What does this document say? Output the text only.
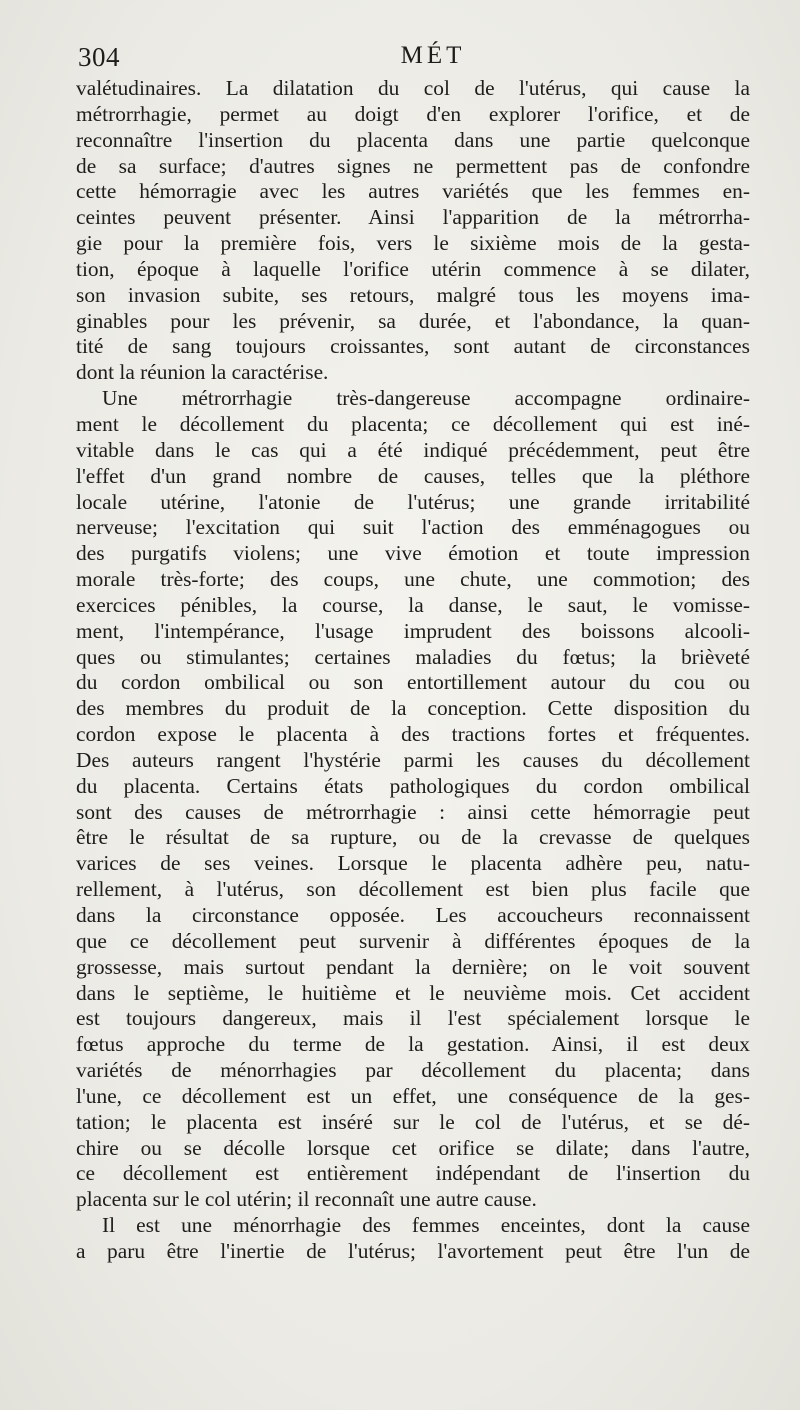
304	MÉT
valétudinaires. La dilatation du col de l'utérus, qui cause la
métrorrhagie, permet au doigt d'en explorer l'orifice, et de
reconnaître l'insertion du placenta dans une partie quelconque
de sa surface; d'autres signes ne permettent pas de confondre
cette hémorragie avec les autres variétés que les femmes en-
ceintes peuvent présenter. Ainsi l'apparition de la métrorrha-
gie pour la première fois, vers le sixième mois de la gesta-
tion, époque à laquelle l'orifice utérin commence à se dilater,
son invasion subite, ses retours, malgré tous les moyens ima-
ginables pour les prévenir, sa durée, et l'abondance, la quan-
tité de sang toujours croissantes, sont autant de circonstances
dont la réunion la caractérise.
Une métrorrhagie très-dangereuse accompagne ordinaire-
ment le décollement du placenta; ce décollement qui est iné-
vitable dans le cas qui a été indiqué précédemment, peut être
l'effet d'un grand nombre de causes, telles que la pléthore
locale utérine, l'atonie de l'utérus; une grande irritabilité
nerveuse; l'excitation qui suit l'action des emménagogues ou
des purgatifs violens; une vive émotion et toute impression
morale très-forte; des coups, une chute, une commotion; des
exercices pénibles, la course, la danse, le saut, le vomisse-
ment, l'intempérance, l'usage imprudent des boissons alcooli-
ques ou stimulantes; certaines maladies du fœtus; la brièveté
du cordon ombilical ou son entortillement autour du cou ou
des membres du produit de la conception. Cette disposition du
cordon expose le placenta à des tractions fortes et fréquentes.
Des auteurs rangent l'hystérie parmi les causes du décollement
du placenta. Certains états pathologiques du cordon ombilical
sont des causes de métrorrhagie : ainsi cette hémorragie peut
être le résultat de sa rupture, ou de la crevasse de quelques
varices de ses veines. Lorsque le placenta adhère peu, natu-
rellement, à l'utérus, son décollement est bien plus facile que
dans la circonstance opposée. Les accoucheurs reconnaissent
que ce décollement peut survenir à différentes époques de la
grossesse, mais surtout pendant la dernière; on le voit souvent
dans le septième, le huitième et le neuvième mois. Cet accident
est toujours dangereux, mais il l'est spécialement lorsque le
fœtus approche du terme de la gestation. Ainsi, il est deux
variétés de ménorrhagies par décollement du placenta; dans
l'une, ce décollement est un effet, une conséquence de la ges-
tation; le placenta est inséré sur le col de l'utérus, et se dé-
chire ou se décolle lorsque cet orifice se dilate; dans l'autre,
ce décollement est entièrement indépendant de l'insertion du
placenta sur le col utérin; il reconnaît une autre cause.
Il est une ménorrhagie des femmes enceintes, dont la cause
a paru être l'inertie de l'utérus; l'avortement peut être l'un de
